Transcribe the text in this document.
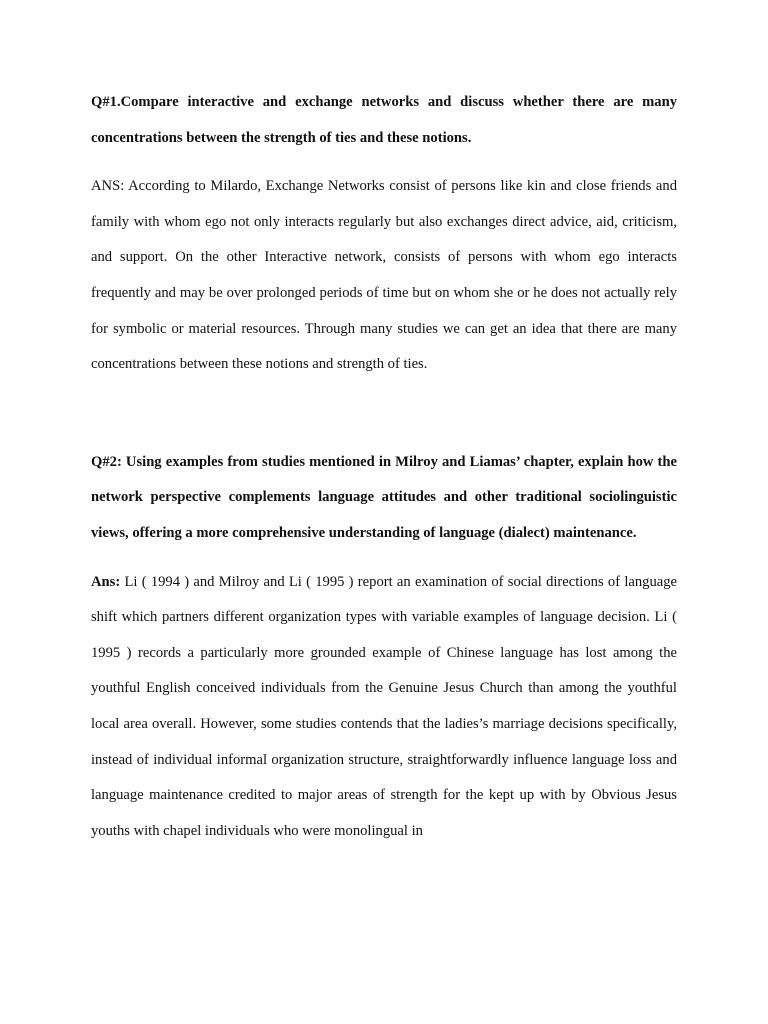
Q#1.Compare interactive and exchange networks and discuss whether there are many concentrations between the strength of ties and these notions.

ANS: According to Milardo, Exchange Networks consist of persons like kin and close friends and family with whom ego not only interacts regularly but also exchanges direct advice, aid, criticism, and support. On the other Interactive network, consists of persons with whom ego interacts frequently and may be over prolonged periods of time but on whom she or he does not actually rely for symbolic or material resources. Through many studies we can get an idea that there are many concentrations between these notions and strength of ties.

Q#2: Using examples from studies mentioned in Milroy and Liamas’ chapter, explain how the network perspective complements language attitudes and other traditional sociolinguistic views, offering a more comprehensive understanding of language (dialect) maintenance.

Ans: Li ( 1994 ) and Milroy and Li ( 1995 ) report an examination of social directions of language shift which partners different organization types with variable examples of language decision. Li ( 1995 ) records a particularly more grounded example of Chinese language has lost among the youthful English conceived individuals from the Genuine Jesus Church than among the youthful local area overall. However, some studies contends that the ladies’s marriage decisions specifically, instead of individual informal organization structure, straightforwardly influence language loss and language maintenance credited to major areas of strength for the kept up with by Obvious Jesus youths with chapel individuals who were monolingual in
